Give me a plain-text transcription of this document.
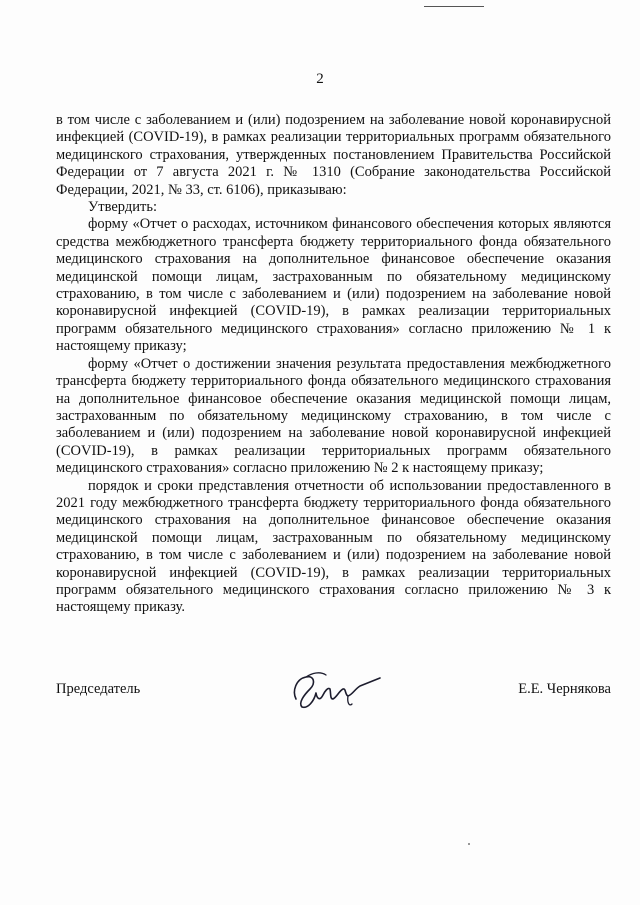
2

в том числе с заболеванием и (или) подозрением на заболевание новой коронавирусной инфекцией (COVID-19), в рамках реализации территориальных программ обязательного медицинского страхования, утвержденных постановлением Правительства Российской Федерации от 7 августа 2021 г. № 1310 (Собрание законодательства Российской Федерации, 2021, № 33, ст. 6106), приказываю:

Утвердить:

форму «Отчет о расходах, источником финансового обеспечения которых являются средства межбюджетного трансферта бюджету территориального фонда обязательного медицинского страхования на дополнительное финансовое обеспечение оказания медицинской помощи лицам, застрахованным по обязательному медицинскому страхованию, в том числе с заболеванием и (или) подозрением на заболевание новой коронавирусной инфекцией (COVID-19), в рамках реализации территориальных программ обязательного медицинского страхования» согласно приложению № 1 к настоящему приказу;

форму «Отчет о достижении значения результата предоставления межбюджетного трансферта бюджету территориального фонда обязательного медицинского страхования на дополнительное финансовое обеспечение оказания медицинской помощи лицам, застрахованным по обязательному медицинскому страхованию, в том числе с заболеванием и (или) подозрением на заболевание новой коронавирусной инфекцией (COVID-19), в рамках реализации территориальных программ обязательного медицинского страхования» согласно приложению № 2 к настоящему приказу;

порядок и сроки представления отчетности об использовании предоставленного в 2021 году межбюджетного трансферта бюджету территориального фонда обязательного медицинского страхования на дополнительное финансовое обеспечение оказания медицинской помощи лицам, застрахованным по обязательному медицинскому страхованию, в том числе с заболеванием и (или) подозрением на заболевание новой коронавирусной инфекцией (COVID-19), в рамках реализации территориальных программ обязательного медицинского страхования согласно приложению № 3 к настоящему приказу.

Председатель	Е.Е. Чернякова
